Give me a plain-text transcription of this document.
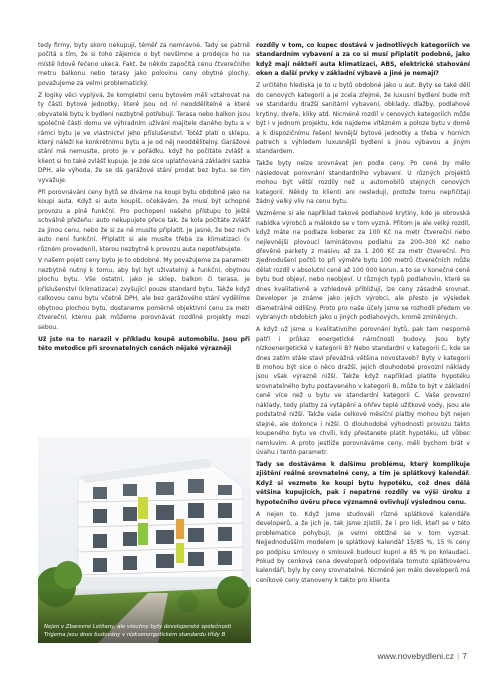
tedy firmy, byty skoro nekupují, téměř za nemravné. Tady se patrně počítá s tím, že si toho zájemce o byt nevšimne a prodejce ho na místě lidově řečeno ukecá. Fakt, že někdo započítá cenu čtverečního metru balkonu nebo terasy jako polovinu ceny obytné plochy, považujeme za velmi problematický.

Z logiky věci vyplývá, že kompletní cenu bytovém měli vztahovat na ty části bytové jednotky, které jsou od ní neoddělitelné a které obyvatelé bytu k bydlení nezbytně potřebují. Terasa nebo balkon jsou společné části domu ve výhradním užívání majitele daného bytu a v rámci bytu je ve vlastnictví jeho příslušenství. Totéž platí o sklepu, který náleží ke konkrétnímu bytu a je od něj neoddělitelný. Garážové stání má nemusíte, proto je v pořádku, když ho počítáte zvlášť a klient si ho také zvlášť kupuje. Je zde sice uplatňovaná základní sazba DPH, ale výhoda, že se dá garážové stání prodat bez bytu, se tím vyvažuje.

Při porovnávání ceny bytů se díváme na koupi bytu obdobně jako na koupi auta. Když si auto koupíš, očekávám, že musí být schopné provozu a plně funkční. Pro pochopení našeho přístupu to ještě schválně přežeňu: auto nekupujete přece tak, že kola počítáte zvlášť za jinou cenu, nebo že si za ně musíte připlatit. Je jasné, že bez nich auto není funkční. Připlatit si ale musíte třeba za klimatizaci (v různém provedení), kterou nezbytně k provozu auta nepotřebujete.

V našem pojetí ceny bytu je to obdobné. My považujeme za parametr nezbytně nutný k tomu, aby byl byt uživatelný a funkční, obytnou plochu bytu. Vše ostatní, jako je sklep, balkon či terasa, je příslušenství (klimatizace) zvyšující pouze standard bytu. Takže když celkovou cenu bytu včetně DPH, ale bez garážového stání vydělíme obytnou plochou bytu, dostaneme poměrně objektivní cenu za metr čtvereční, kterou pak můžeme porovnávat rozdílné projekty mezi sebou.

Už jste na to narazil v příkladu koupě automobilu. Jsou při této metodice při srovnatelných cenách nějaké výrazněji

Nejen v Zbarevné Letňany, ale všechny byty developerské společnosti Trigema jsou dnes budovány v nízkoenergetickém standardu třídy B

rozdíly v tom, co kupec dostává v jednotlivých kategoriích ve standardním vybavení a za co si musí připlatit podobně, jako když mají někteří auta klimatizaci, ABS, elektrické stahování oken a další prvky v základní výbavě a jiné je nemají?

Z určitého hlediska je to u bytů obdobné jako u aut. Byty se také dělí do cenových kategorií a je zcela zřejmé, že luxusní bydlení bude mít ve standardu dražší sanitární vybavení, obklady, dlažby, podlahové krytiny, dveře, kliky atd. Nicméně rozdíl v cenových kategoriích může být i v jednom projektu, kde najdeme vítězném a poloze bytu v domě a k dispozičnímu řešení levnější bytové jednotky a třeba v horních patrech s výhledem luxusnější bydlení s jinou výbavou a jiným standardem.

Takže byty nelze srovnávat jen podle ceny. Po cené by mělo následovat porovnání standardního vybavení. U různých projektů mohou být větší rozdíly než u automobilů stejných cenových kategorií. Někdy to klienti ani nesledují, protože tomu nepřičítají žádný velký vliv na cenu bytu.

Vezměme si ale například takové podlahové krytiny, kde je obrovská nabídka výrobců a málokdo se v tom vyzná. Přitom je ale velký rozdíl, když máte na podlaze koberec za 100 Kč na metr čtvereční nebo nejlevnější plovoucí laminátovou podlahu za 200–300 Kč nebo dřevěné parkety z masivu až za 1 200 Kč za metr čtvereční. Pro zjednodušení počtů to při výměře bytu 100 metrů čtverečních může dělat rozdíl v absolutní ceně až 100 000 korun, a to se v konečné ceně bytu bud objeví, nebo neobjeví. U různých typů podlahovin, které se dnes kvalitativně a vzhledově přibližují, lze ceny zásadně srovnat. Developer je známe jako jejich výrobci, ale přesto je výsledek diametrálně odlišný. Proto pro naše účely jsme se rozhodli předem ve vybraných obdobích jako u jiných podlahových, kromě zmíněných.

A když už jsme u kvalitativního porovnání bytů, pak tam nesporně patří i průkaz energetické náročnosti budovy. Jsou byty nízkoenergetické v kategorii B? Nebo standardní v kategorii C, kde se dnes zatím stále staví převážná většina novostaveb? Byty v kategorii B mohou být sice o něco dražší, jejich dlouhodobé provozní náklady jsou však výrazně nižší. Takže když například platíte hypotéku srovnatelného bytu postaveného v kategorii B, může to být v základní ceně více než u bytu ve standardní kategorii C. Vaše provozní náklady, tedy platby za vytápění a ohřev teplé užitkové vody, jsou ale podstatně nižší. Takže vaše celkové měsíční platby mohou být nejen stejné, ale dokonce i nižší. O dlouhodobé výhodnosti provozu takto koupeného bytu ve chvíli, kdy přestanete platit hypotéku, už vůbec nemluvím. A proto jestliže porovnáváme ceny, měli bychom brát v úvahu i tento parametr.

Tady se dostáváme k dalšímu problému, který komplikuje zjištění reálné srovnatelné ceny, a tím je splátkový kalendář. Když si vezmete ke koupi bytu hypotéku, což dnes dělá většina kupujících, pak i nepatrné rozdíly ve výši úroku z hypotečního úvěru přece významně ovlivňují výslednou cenu.

A nejen to. Když jsme studovali různé splátkové kalendáře developerů, a že jich je, tak jsme zjistili, že i pro lidi, kteří se v této problematice pohybují, je velmi obtížné se v tom vyznat. Nejjednodušším modelem je splátkový kalendář 15/85 %, 15 % ceny po podpisu smlouvy o smlouvě budoucí kupní a 85 % po kolaudaci. Pokud by cenková cena developerů odpovídala tomuto splátkovému kalendáři, byly by ceny srovnatelné. Nicméně jen málo developerů má ceníkové ceny stanoveny k takto pro klienta

www.novebydleni.cz | 7
